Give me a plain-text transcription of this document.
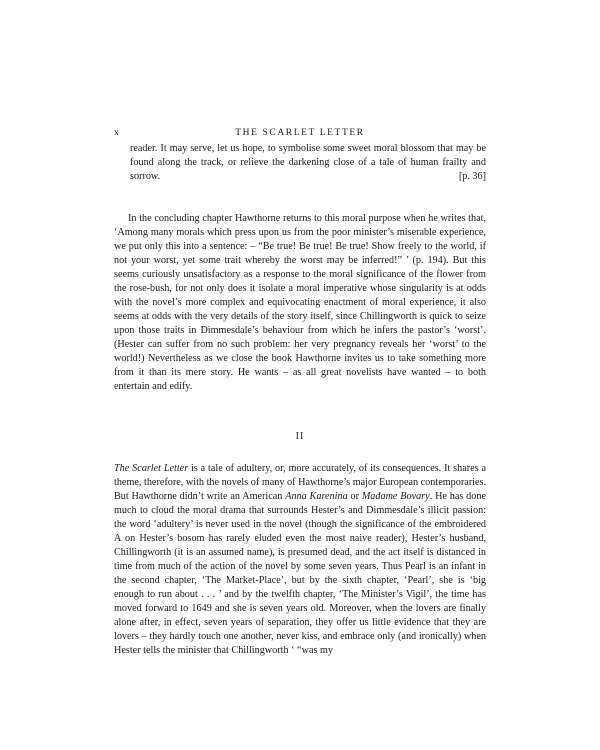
x	THE SCARLET LETTER
reader. It may serve, let us hope, to symbolise some sweet moral blossom that may be found along the track, or relieve the darkening close of a tale of human frailty and sorrow.	[p. 36]

In the concluding chapter Hawthorne returns to this moral purpose when he writes that, ‘Among many morals which press upon us from the poor minister’s miserable experience, we put only this into a sentence: – “Be true! Be true! Be true! Show freely to the world, if not your worst, yet some trait whereby the worst may be inferred!” ’ (p. 194). But this seems curiously unsatisfactory as a response to the moral significance of the flower from the rose-bush, for not only does it isolate a moral imperative whose singularity is at odds with the novel’s more complex and equivocating enactment of moral experience, it also seems at odds with the very details of the story itself, since Chillingworth is quick to seize upon those traits in Dimmesdale’s behaviour from which he infers the pastor’s ‘worst’. (Hester can suffer from no such problem: her very pregnancy reveals her ‘worst’ to the world!) Nevertheless as we close the book Hawthorne invites us to take something more from it than its mere story. He wants – as all great novelists have wanted – to both entertain and edify.

II

The Scarlet Letter is a tale of adultery, or, more accurately, of its consequences. It shares a theme, therefore, with the novels of many of Hawthorne’s major European contemporaries. But Hawthorne didn’t write an American Anna Karenina or Madame Bovary. He has done much to cloud the moral drama that surrounds Hester’s and Dimmesdale’s illicit passion: the word ‘adultery’ is never used in the novel (though the significance of the embroidered A on Hester’s bosom has rarely eluded even the most naive reader), Hester’s husband, Chillingworth (it is an assumed name), is presumed dead, and the act itself is distanced in time from much of the action of the novel by some seven years. Thus Pearl is an infant in the second chapter, ‘The Market-Place’, but by the sixth chapter, ‘Pearl’, she is ‘big enough to run about . . . ’ and by the twelfth chapter, ‘The Minister’s Vigil’, the time has moved forward to 1649 and she is seven years old. Moreover, when the lovers are finally alone after, in effect, seven years of separation, they offer us little evidence that they are lovers – they hardly touch one another, never kiss, and embrace only (and ironically) when Hester tells the minister that Chillingworth ‘ “was my
